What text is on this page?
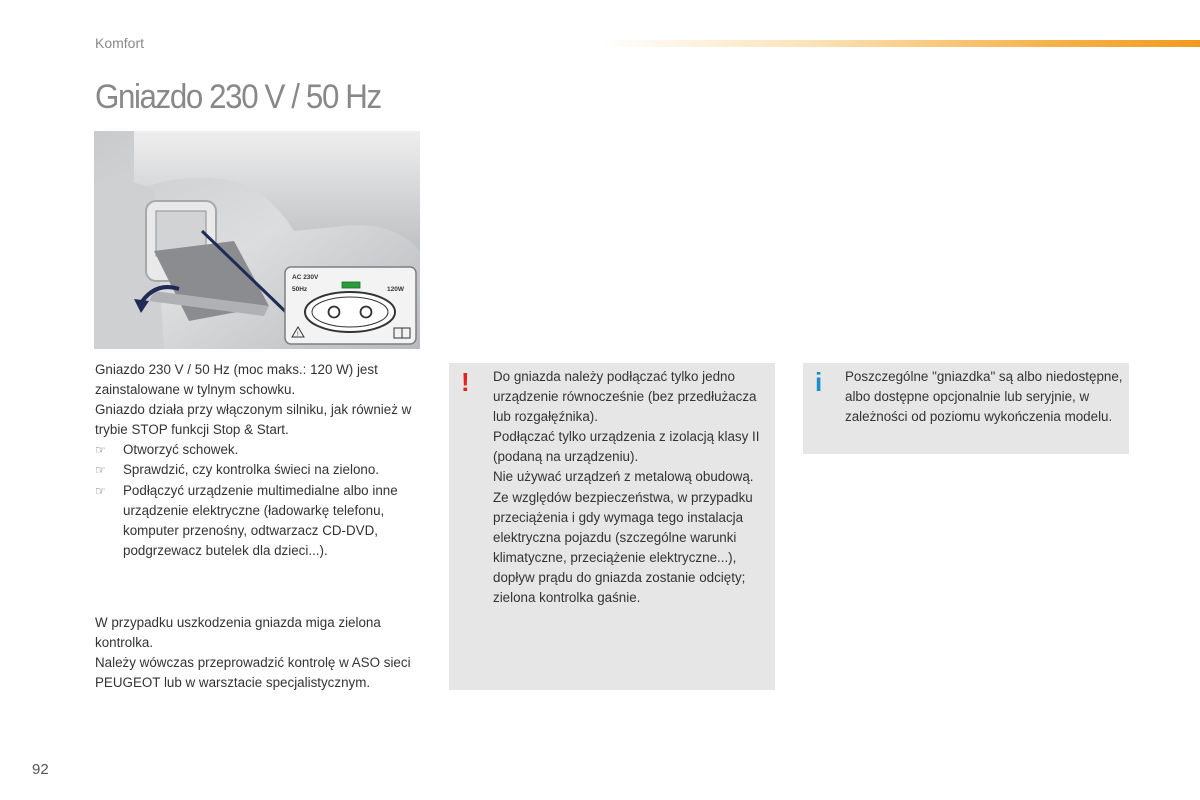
Komfort
Gniazdo 230 V / 50 Hz
AC 230V
50Hz	120W
!

Gniazdo 230 V / 50 Hz (moc maks.: 120 W) jest zainstalowane w tylnym schowku.

Gniazdo działa przy włączonym silniku, jak również w trybie STOP funkcji Stop & Start.

☞ Otworzyć schowek.
☞ Sprawdzić, czy kontrolka świeci na zielono.
☞ Podłączyć urządzenie multimedialne albo inne urządzenie elektryczne (ładowarkę telefonu, komputer przenośny, odtwarzacz CD-DVD, podgrzewacz butelek dla dzieci...).

W przypadku uszkodzenia gniazda miga zielona kontrolka.

Należy wówczas przeprowadzić kontrolę w ASO sieci PEUGEOT lub w warsztacie specjalistycznym.

! Do gniazda należy podłączać tylko jedno urządzenie równocześnie (bez przedłużacza lub rozgałęźnika).

Podłączać tylko urządzenia z izolacją klasy II (podaną na urządzeniu).

Nie używać urządzeń z metalową obudową.

Ze względów bezpieczeństwa, w przypadku przeciążenia i gdy wymaga tego instalacja elektryczna pojazdu (szczególne warunki klimatyczne, przeciążenie elektryczne...), dopływ prądu do gniazda zostanie odcięty; zielona kontrolka gaśnie.

i Poszczególne "gniazdka" są albo niedostępne, albo dostępne opcjonalnie lub seryjnie, w zależności od poziomu wykończenia modelu.
92
